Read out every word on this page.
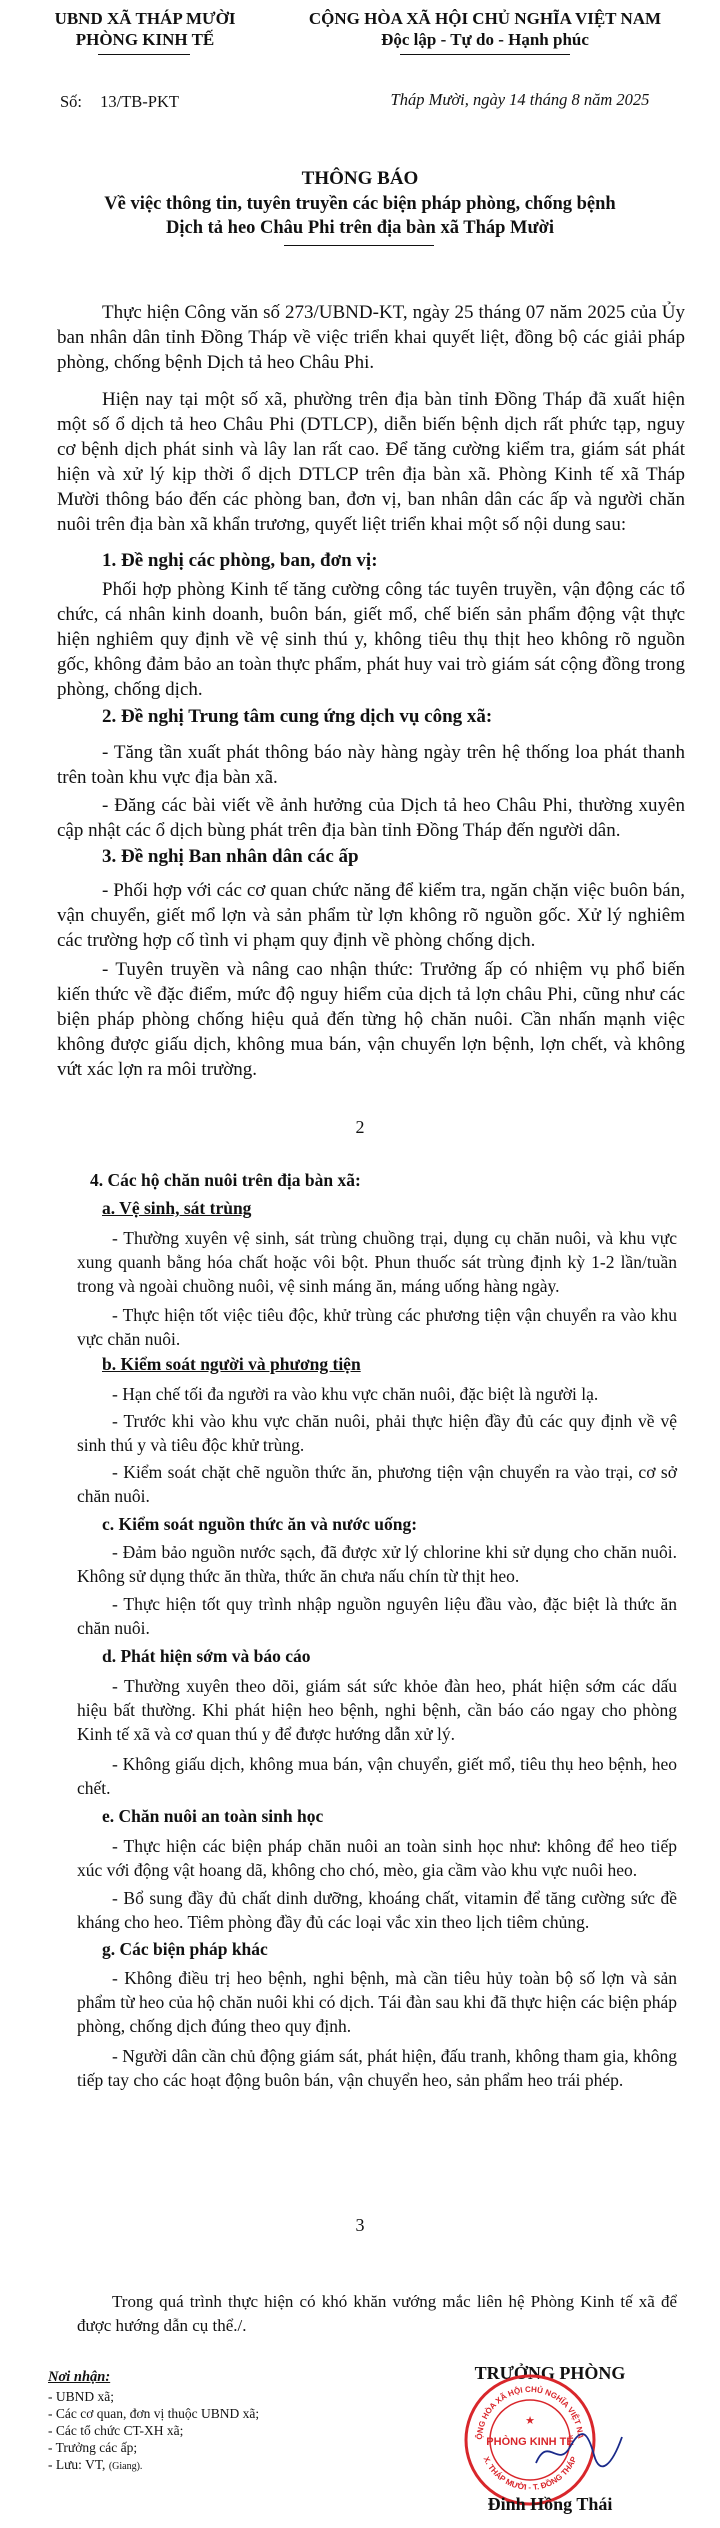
UBND XÃ THÁP MƯỜI
PHÒNG KINH TẾ
CỘNG HÒA XÃ HỘI CHỦ NGHĨA VIỆT NAM
Độc lập - Tự do - Hạnh phúc
Số: 13/TB-PKT	Tháp Mười, ngày 14 tháng 8 năm 2025
THÔNG BÁO
Về việc thông tin, tuyên truyền các biện pháp phòng, chống bệnh
Dịch tả heo Châu Phi trên địa bàn xã Tháp Mười

Thực hiện Công văn số 273/UBND-KT, ngày 25 tháng 07 năm 2025 của Ủy ban nhân dân tỉnh Đồng Tháp về việc triển khai quyết liệt, đồng bộ các giải pháp phòng, chống bệnh Dịch tả heo Châu Phi.

Hiện nay tại một số xã, phường trên địa bàn tỉnh Đồng Tháp đã xuất hiện một số ổ dịch tả heo Châu Phi (DTLCP), diễn biến bệnh dịch rất phức tạp, nguy cơ bệnh dịch phát sinh và lây lan rất cao. Để tăng cường kiểm tra, giám sát phát hiện và xử lý kịp thời ổ dịch DTLCP trên địa bàn xã. Phòng Kinh tế xã Tháp Mười thông báo đến các phòng ban, đơn vị, ban nhân dân các ấp và người chăn nuôi trên địa bàn xã khẩn trương, quyết liệt triển khai một số nội dung sau:

1. Đề nghị các phòng, ban, đơn vị:

Phối hợp phòng Kinh tế tăng cường công tác tuyên truyền, vận động các tổ chức, cá nhân kinh doanh, buôn bán, giết mổ, chế biến sản phẩm động vật thực hiện nghiêm quy định về vệ sinh thú y, không tiêu thụ thịt heo không rõ nguồn gốc, không đảm bảo an toàn thực phẩm, phát huy vai trò giám sát cộng đồng trong phòng, chống dịch.

2. Đề nghị Trung tâm cung ứng dịch vụ công xã:

- Tăng tần xuất phát thông báo này hàng ngày trên hệ thống loa phát thanh trên toàn khu vực địa bàn xã.

- Đăng các bài viết về ảnh hưởng của Dịch tả heo Châu Phi, thường xuyên cập nhật các ổ dịch bùng phát trên địa bàn tỉnh Đồng Tháp đến người dân.

3. Đề nghị Ban nhân dân các ấp

- Phối hợp với các cơ quan chức năng để kiểm tra, ngăn chặn việc buôn bán, vận chuyển, giết mổ lợn và sản phẩm từ lợn không rõ nguồn gốc. Xử lý nghiêm các trường hợp cố tình vi phạm quy định về phòng chống dịch.

- Tuyên truyền và nâng cao nhận thức: Trưởng ấp có nhiệm vụ phổ biến kiến thức về đặc điểm, mức độ nguy hiểm của dịch tả lợn châu Phi, cũng như các biện pháp phòng chống hiệu quả đến từng hộ chăn nuôi. Cần nhấn mạnh việc không được giấu dịch, không mua bán, vận chuyển lợn bệnh, lợn chết, và không vứt xác lợn ra môi trường.

2

4. Các hộ chăn nuôi trên địa bàn xã:

a. Vệ sinh, sát trùng

- Thường xuyên vệ sinh, sát trùng chuồng trại, dụng cụ chăn nuôi, và khu vực xung quanh bằng hóa chất hoặc vôi bột. Phun thuốc sát trùng định kỳ 1-2 lần/tuần trong và ngoài chuồng nuôi, vệ sinh máng ăn, máng uống hàng ngày.

- Thực hiện tốt việc tiêu độc, khử trùng các phương tiện vận chuyển ra vào khu vực chăn nuôi.

b. Kiểm soát người và phương tiện

- Hạn chế tối đa người ra vào khu vực chăn nuôi, đặc biệt là người lạ.

- Trước khi vào khu vực chăn nuôi, phải thực hiện đầy đủ các quy định về vệ sinh thú y và tiêu độc khử trùng.

- Kiểm soát chặt chẽ nguồn thức ăn, phương tiện vận chuyển ra vào trại, cơ sở chăn nuôi.

c. Kiểm soát nguồn thức ăn và nước uống:

- Đảm bảo nguồn nước sạch, đã được xử lý chlorine khi sử dụng cho chăn nuôi. Không sử dụng thức ăn thừa, thức ăn chưa nấu chín từ thịt heo.

- Thực hiện tốt quy trình nhập nguồn nguyên liệu đầu vào, đặc biệt là thức ăn chăn nuôi.

d. Phát hiện sớm và báo cáo

- Thường xuyên theo dõi, giám sát sức khỏe đàn heo, phát hiện sớm các dấu hiệu bất thường. Khi phát hiện heo bệnh, nghi bệnh, cần báo cáo ngay cho phòng Kinh tế xã và cơ quan thú y để được hướng dẫn xử lý.

- Không giấu dịch, không mua bán, vận chuyển, giết mổ, tiêu thụ heo bệnh, heo chết.

e. Chăn nuôi an toàn sinh học

- Thực hiện các biện pháp chăn nuôi an toàn sinh học như: không để heo tiếp xúc với động vật hoang dã, không cho chó, mèo, gia cầm vào khu vực nuôi heo.

- Bổ sung đầy đủ chất dinh dưỡng, khoáng chất, vitamin để tăng cường sức đề kháng cho heo. Tiêm phòng đầy đủ các loại vắc xin theo lịch tiêm chủng.

g. Các biện pháp khác

- Không điều trị heo bệnh, nghi bệnh, mà cần tiêu hủy toàn bộ số lợn và sản phẩm từ heo của hộ chăn nuôi khi có dịch. Tái đàn sau khi đã thực hiện các biện pháp phòng, chống dịch đúng theo quy định.

- Người dân cần chủ động giám sát, phát hiện, đấu tranh, không tham gia, không tiếp tay cho các hoạt động buôn bán, vận chuyển heo, sản phẩm heo trái phép.

3

Trong quá trình thực hiện có khó khăn vướng mắc liên hệ Phòng Kinh tế xã để được hướng dẫn cụ thể./.

Nơi nhận:
- UBND xã;
- Các cơ quan, đơn vị thuộc UBND xã;
- Các tổ chức CT-XH xã;
- Trưởng các ấp;
- Lưu: VT, (Giang).
TRƯỞNG PHÒNG
ỘNG HÒA XÃ HỘI CHỦ NGHĨA VIỆT NA
X. THÁP MƯỜI - T. ĐỒNG THÁP
PHÒNG KINH TẾ
★
Đinh Hồng Thái
